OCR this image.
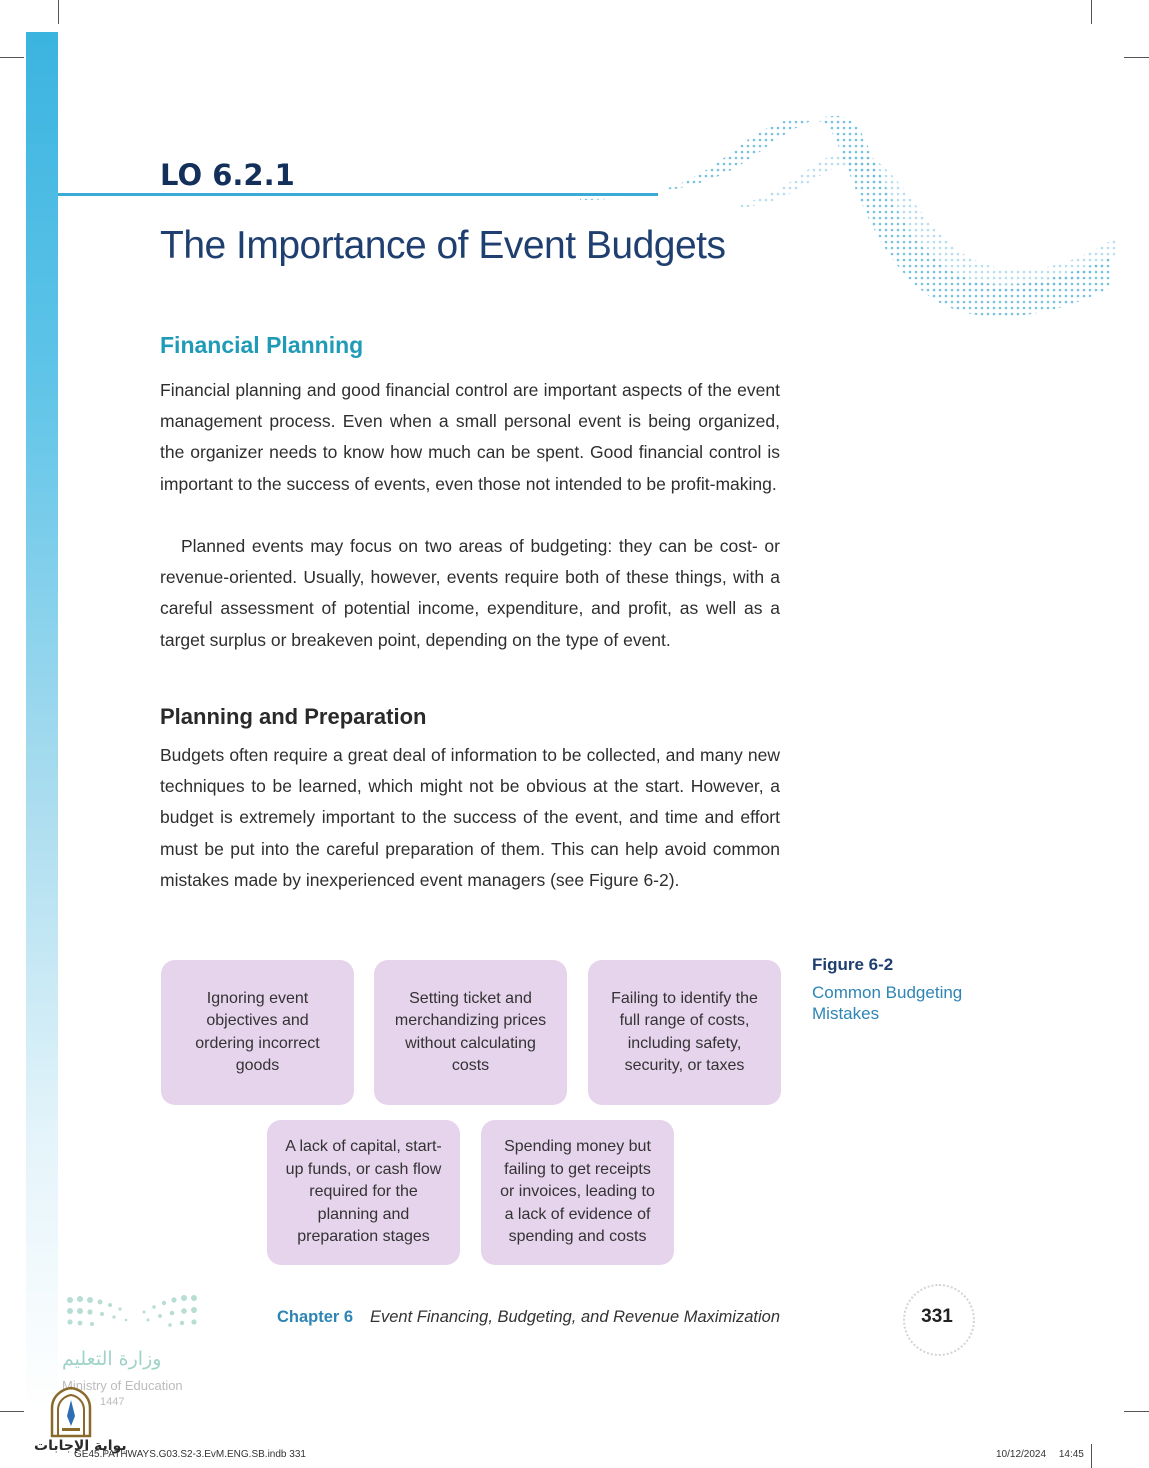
LO 6.2.1
The Importance of Event Budgets
Financial Planning

Financial planning and good financial control are important aspects of the event management process. Even when a small personal event is being organized, the organizer needs to know how much can be spent. Good financial control is important to the success of events, even those not intended to be profit-making.

Planned events may focus on two areas of budgeting: they can be cost- or revenue-oriented. Usually, however, events require both of these things, with a careful assessment of potential income, expenditure, and profit, as well as a target surplus or breakeven point, depending on the type of event.

Planning and Preparation

Budgets often require a great deal of information to be collected, and many new techniques to be learned, which might not be obvious at the start. However, a budget is extremely important to the success of the event, and time and effort must be put into the careful preparation of them. This can help avoid common mistakes made by inexperienced event managers (see Figure 6-2).

Ignoring event objectives and ordering incorrect goods
Setting ticket and merchandizing prices without calculating costs
Failing to identify the full range of costs, including safety, security, or taxes
A lack of capital, start-up funds, or cash flow required for the planning and preparation stages
Spending money but failing to get receipts or invoices, leading to a lack of evidence of spending and costs

Figure 6-2

Common Budgeting Mistakes

Chapter 6 Event Financing, Budgeting, and Revenue Maximization	331

وزارة التعليم

Ministry of Education

1447

بوابة الإجابات

GE45.PATHWAYS.G03.S2-3.EvM.ENG.SB.indb 331	10/12/2024 14:45
